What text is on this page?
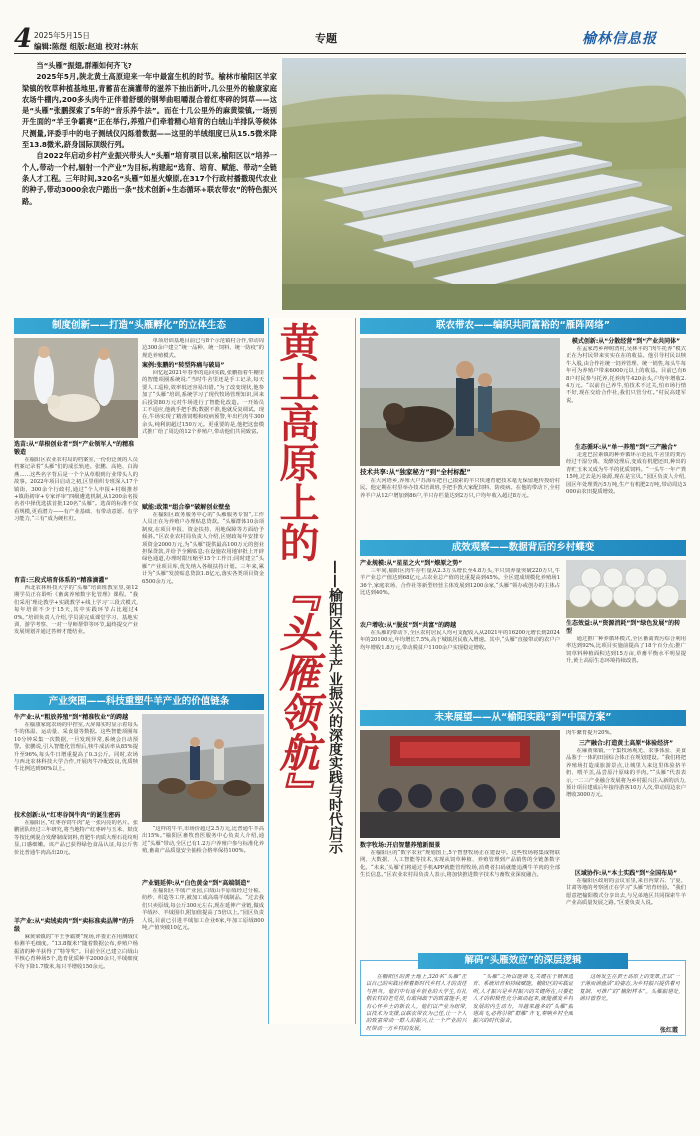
4 2025年5月15日
编辑:陈煜 组版:赵迪 校对:林东
专题	榆林信息报
当“头雁”振翅,群雁如何齐飞?
2025年5月,陕北黄土高原迎来一年中最富生机的时节。榆林市榆阳区羊家梁镇的牧草种植基地里,青蓄苗在滴灌带的滋养下抽出新叶,几公里外的榆康家庭农场牛棚内,200多头肉牛正伴着舒缓的钢琴曲咀嚼混合着红枣碎的饲草——这是“头雁”张鹏探索了5年的“音乐养牛法”。而在十几公里外的麻黄梁镇,一场别开生面的“羊王争霸赛”正在举行,养殖户们牵着精心培育的白绒山羊排队等候体尺测量,评委手中的电子测绒仪闪烁着数据——这里的羊绒细度已从15.5微米降至13.8微米,跻身国际顶级行列。
自2022年启动乡村产业振兴带头人“头雁”培育项目以来,榆阳区以“培养一个人,带动一个村,辐射一个产业”为目标,构建起“选育、培育、赋能、带动”全链条人才工程。三年时间,320名“头雁”如星火燎原,在317个行政村播撒现代农业的种子,带动3000余农户踏出一条“技术创新+生态循环+联农带农”的特色振兴路。
制度创新——打造“头雁孵化”的立体生态
选苗:从“草根创业者”到“产业领军人”的精准锻造
在榆阳区农业农村局的档案室,一份份泛黄的人员档案记录着“头雁”们的成长轨迹。张鹏、高艳、白海燕……这些名字背后是一个个从草根到行业带头人的故事。2022年项目启动之初,区里组织专班深入17个镇街、300余个行政村,通过“个人申报+村级推荐+镇街初审+专家评审”四级遴选机制,从1200余名报名者中择优选拔首批120名“头雁”。选苗的标准不仅看规模,更看潜力——有产业基础、有带动意愿、有学习能力,“三有”成为硬杠杠。
育苗:三段式培育体系的“精准滴灌”
西北农林科技大学的“头雁”培训班教室里,第12期学员正在聆听《畜禽养殖数字化管理》课程。“我们采用‘理论教学+实践教学+线上学习’三段式模式,每年培训不少于15天,其中实践环节占比超过40%。”培训负责人介绍,学员需完成课堂学习、基地实训、游学考察、一对一导师帮带等环节,最终提交产业发展规划并通过答辩才能结业。
单项培训基地目前已与8个示范镇村合作,带动周边300余户建立“统一品种、统一饲料、统一防疫”的规范养殖模式。
案例:张鹏的“转型阵痛与破局”
回忆起2021年春季的巡回实践,张鹏指着牛棚里的智能项圈系统说:“当时牛舍里还是手工记录,每天要人工巡检,效率低还容易出错。”为了改变现状,他参加了“头雁”培训,系统学习了现代牧场管理知识,回来后投资80万元对牛场进行了智能化改造。一开始员工不适应,他就手把手教;数据不准,他就反复调试。现在,牛场实现了精准饲喂和疫病预警,年出栏肉牛300余头,纯利润超过150万元。更重要的是,他把这套模式推广给了周边的12个养殖户,带动他们共同致富。
赋能:政策“组合拳”破解创业壁垒
在榆阳区政务服务中心的“头雁服务专窗”,工作人员正在为养殖户办理贴息贷款。“头雁群体10余项制度,在项目申报、资金扶持、用地保障等方面给予倾斜。”区农业农村局负责人介绍,区财政每年安排专项资金2000万元,为“头雁”提供最高100万元的创业担保贷款,并给予全额贴息;在设施农用地审批上开辟绿色通道,办理时限压缩至15个工作日;同时建立“头雁”产业项目库,优先纳入各级扶持计划。三年来,累计为“头雁”发放贴息贷款1.8亿元,落实各类项目资金6500余万元。
产业突围——科技重塑牛羊产业的价值链条
牛产业:从“粗放养殖”到“精准牧业”的跨越
在榆康家庭农场的中控室,大屏幕实时显示着每头牛的体温、运动量、采食量等数据。这些智能项圈每10分钟采集一次数据,一旦发现异常,系统会自动预警。张鹏说,引入智能化管理后,犊牛成活率从85%提升至96%,每头牛日增重提高了0.3公斤。同时,农场与西北农林科技大学合作,开展肉牛冷配改良,优质犊牛比例达到90%以上。
技术创新:从“红枣谷饲牛肉”的诞生密码
在榆阳区,“红枣谷饲牛肉”是一张闪亮的名片。张鹏团队经过三年研究,将当地特产红枣碎与玉米、麸皮等按比例混合发酵制成饲料,育肥牛肉质大理石花纹明显,口感细嫩。该产品已获得绿色食品认证,每公斤售价比普通牛肉高出20元。
羊产业:从“卖绒卖肉”到“卖标准卖品牌”的升级
麻黄梁镇的“羊王争霸赛”现场,评委正在用测绒仪检测羊毛细度。“13.8微米!”随着数据公布,养殖户杨振清的种羊获得了“特等奖”。目前全区已建立白绒山羊核心育种场5个,选育优质种羊2000余只,羊绒细度平均下降1.7微米,每只羊增收150余元。
“这样的牛羊,市场价超过2.5万元,比普通牛羊高出15%。”榆阳区畜牧兽医服务中心负责人介绍,通过“头雁”带动,全区已有1.2万户养殖户参与标准化养殖,畜禽产品质量安全抽检合格率保持100%。
产业链延伸:从“白色黄金”到“高端制造”
在榆阳区羊绒产业园,白绒山羊原绒经过分梳、纺纱、织造等工序,被加工成高端羊绒制品。“过去我们只卖原绒,每公斤300元左右,现在延伸产业链,做成羊绒衫、羊绒围巾,附加值提高了5倍以上。”园区负责人说,目前已引进羊绒加工企业6家,年加工原绒800吨,产值突破10亿元。
黄土高原上的
『头雁领航』 ——榆阳区牛羊产业振兴的深度实践与时代启示
联农带农——编织共同富裕的“雁阵网络”
技术共享:从“独家秘方”到“全村标配”
在大河塔乡,养殖大户苏海军把自己摸索的羊只快速育肥技术毫无保留地传授给村民。他定期在村里举办技术培训班,手把手教大家配饲料、防疫病。在他的带动下,全村养羊户从12户增加到86户,羊只存栏量达到2万只,户均年收入超过8万元。
模式创新:从“分散经营”到“产业共同体”
在孟家湾乡神树湾村,吴林平的“肉牛托养”模式正在为村民带来实实在在的收益。他引导村民以犊牛入股,由合作社统一饲养管理、统一销售,每头牛每年可为养殖户带来6000元以上的收益。目前已有68户村民参与托养,托养肉牛420余头,户均年增收2.4万元。“以前自己养牛,怕技术不过关,怕市场行情不好,现在交给合作社,我们只管分红。”村民高建军说。
生态循环:从“单一养殖”到“三产融合”
走进巴拉素镇的种养循环示范园,牛舍里的粪污经过干湿分离、发酵处理后,变成有机肥还田,种出的青贮玉米又成为牛羊的优质饲料。“一头牛一年产粪15吨,过去是污染源,现在是宝贝。”园区负责人介绍,园区年处理粪污5万吨,生产有机肥2万吨,带动周边3000亩农田提质增效。
成效观察——数据背后的乡村蝶变
产业规模:从“星星之火”到“燎原之势”
三年间,榆阳区肉牛存栏量从2.3万头增长至4.8万头,羊只饲养量突破220万只,牛羊产业总产值达到68亿元,占农业总产值的比重提高到45%。全区建成规模化养殖场136个,家庭农场、合作社等新型经营主体发展到1200余家,“头雁”领办或创办的主体占比达到40%。
农户增收:从“脱贫”到“共富”的跨越
在头雁的带动下,全区农村居民人均可支配收入从2021年的16200元增长到2024年的20100元,年均增长7.5%,高于城镇居民收入增速。其中,“头雁”直接带动的农户户均年增收1.8万元,带动脱贫户1100余户实现稳定增收。
生态效益:从“资源消耗”到“绿色发展”的转型
通过推广种养循环模式,全区畜禽粪污综合利用率达到92%,比项目实施前提高了18个百分点;推广饲草料种植面积达到15万亩,草畜平衡水平明显提升,黄土高原生态环境持续改善。
未来展望——从“榆阳实践”到“中国方案”
数字牧场:开启智慧养殖新图景
在榆阳区的“数字农业”规划图上,5个智慧牧场正在建设中。这些牧场将集成物联网、大数据、人工智能等技术,实现从饲草种植、养殖管理到产品销售的全链条数字化。“未来,‘头雁’们将通过手机APP就能管理牧场,消费者扫码就能追溯牛羊肉的全部生长信息。”区农业农村局负责人表示,将加快推进数字技术与畜牧业深度融合。
肉牛繁育提升20%。
三产融合:打造黄土高原“体验经济”
在麻黄梁镇,一个集牧场观光、农事体验、美食品鉴于一体的田园综合体正在规划建设。“我们将把养殖场打造成旅游景点,让城里人来这里体验挤羊奶、喂羊羔,品尝原汁原味的羊肉。”“头雁”代表表示,一二三产业融合发展将为乡村振兴注入新的活力,预计项目建成后年接待游客10万人次,带动周边农户增收3000万元。
区域协作:从“本土实践”到“全国布局”
在榆阳区政府的会议室里,来自内蒙古、宁夏、甘肃等地的考察团正在学习“头雁”培育经验。“我们愿意把榆阳模式分享出去,与兄弟地区共同探索牛羊产业高质量发展之路。”区委负责人说。
解码“头雁效应”的深层逻辑
在榆阳区的黄土地上,320名“头雁”正以自己的实践诠释着新时代乡村人才的责任与担当。他们中有返乡创业的大学生,有扎根农村的老党员,有敢闯敢干的致富能手,更有心怀乡土的新农人。他们以产业为纽带,以技术为支撑,以联农带农为己任,让一个人的致富带动一群人的振兴,让一个产业的兴旺带动一方乡村的发展。
“头雁”之所以能领飞,关键在于精准选育、系统培育和持续赋能。榆阳区的实践证明,人才振兴是乡村振兴的关键所在,只要把人才的积极性充分调动起来,就能激发乡村发展的内生动力。当越来越多的“头雁”振翅高飞,必将引领“群雁”齐飞,奏响乡村全面振兴的时代强音。
这场发生在黄土高原上的变革,正以“一子落而满盘活”的姿态,为乡村振兴提供着可复制、可推广的“榆阳样本”。头雁振翅处,满目皆春光。
张红霞
